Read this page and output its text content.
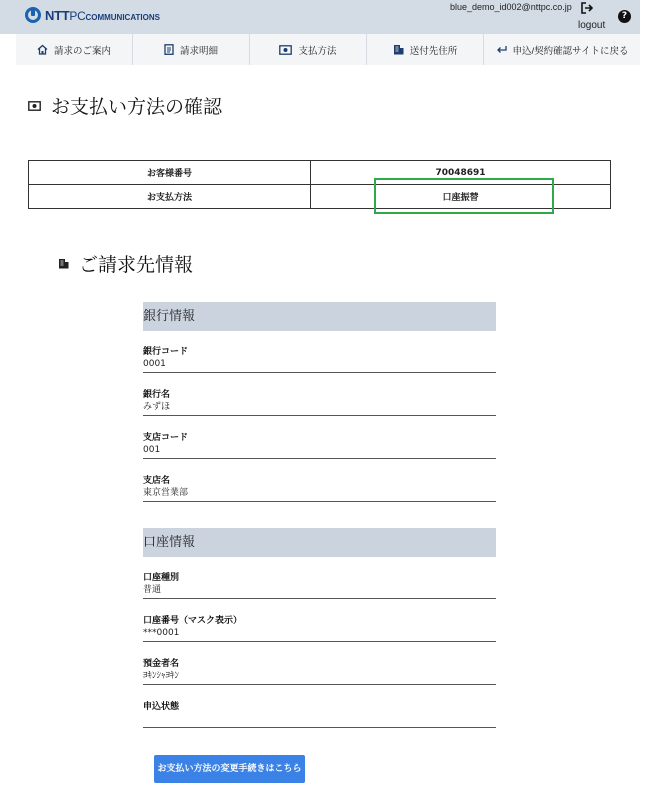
NTTPCCOMMUNICATIONS
blue_demo_id002@nttpc.co.jp
logout
?
請求のご案内	請求明細	支払方法	送付先住所	申込/契約確認サイトに戻る
お支払い方法の確認
お客様番号	70048691
お支払方法	口座振替
ご請求先情報
銀行情報
銀行コード
0001
銀行名
みずほ
支店コード
001
支店名
東京営業部
口座情報
口座種別
普通
口座番号（マスク表示）
***0001
預金者名
ﾖｷﾝｼｬﾖｷﾝ
申込状態
お支払い方法の変更手続きはこちら
